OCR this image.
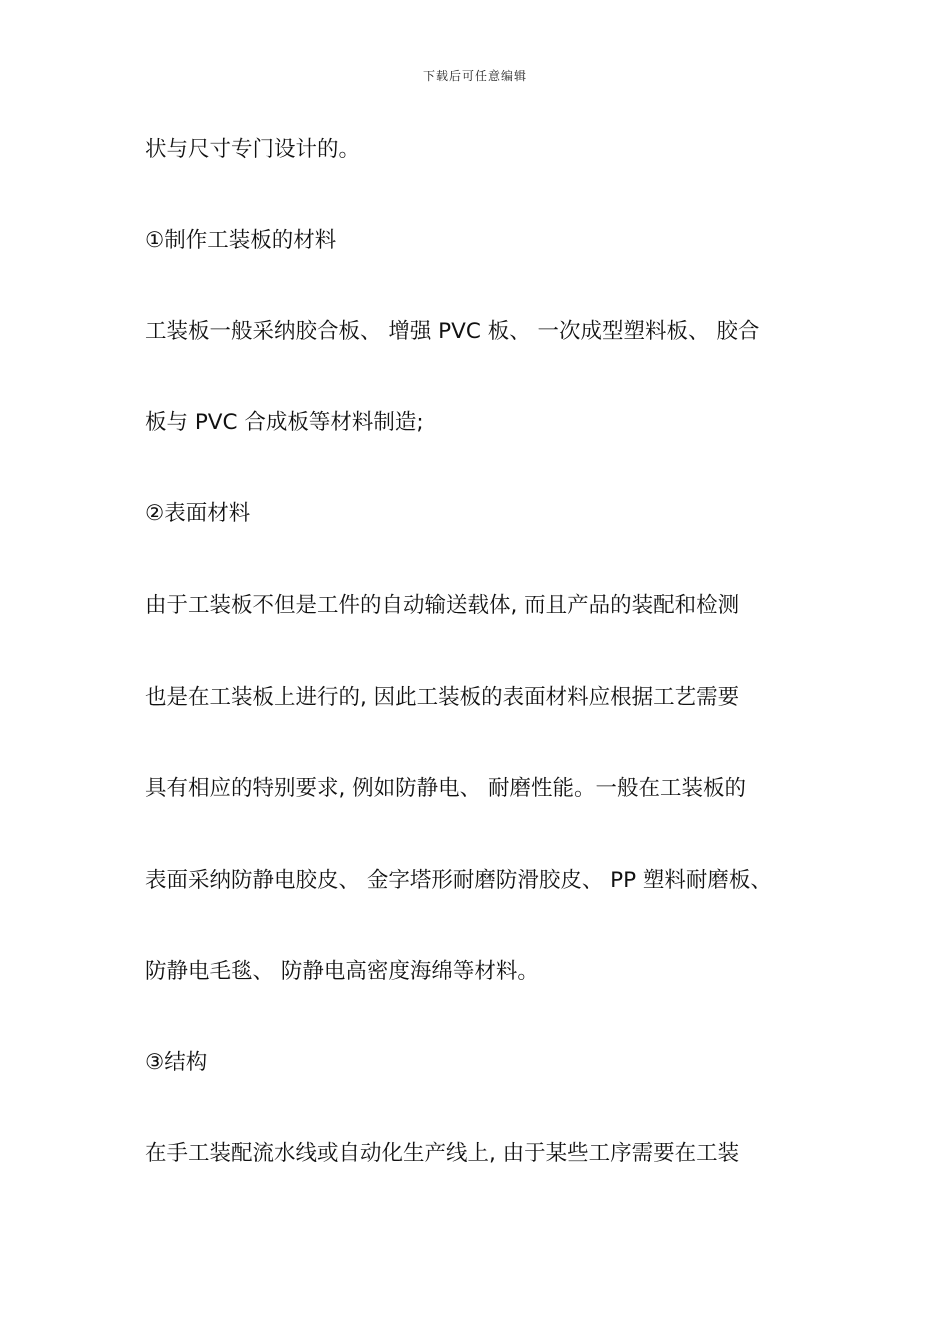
下载后可任意编辑
状与尺寸专门设计的。
①制作工装板的材料
工装板一般采纳胶合板、 增强 PVC 板、 一次成型塑料板、 胶合
板与 PVC 合成板等材料制造;
②表面材料
由于工装板不但是工件的自动输送载体, 而且产品的装配和检测
也是在工装板上进行的, 因此工装板的表面材料应根据工艺需要
具有相应的特别要求, 例如防静电、 耐磨性能。一般在工装板的
表面采纳防静电胶皮、 金字塔形耐磨防滑胶皮、 PP 塑料耐磨板、
防静电毛毯、 防静电高密度海绵等材料。
③结构
在手工装配流水线或自动化生产线上, 由于某些工序需要在工装
